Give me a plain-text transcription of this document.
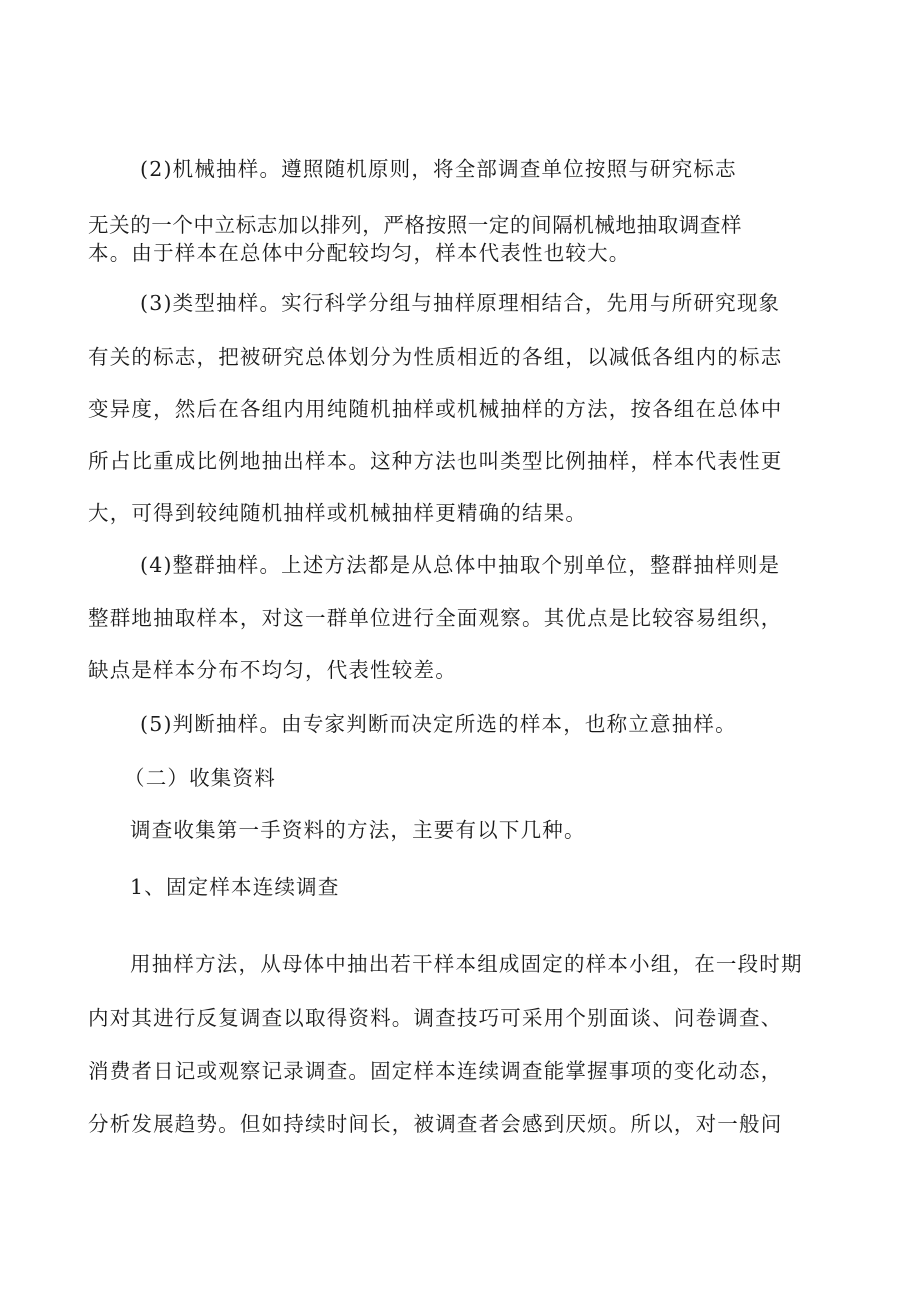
(2)机械抽样。遵照随机原则，将全部调查单位按照与研究标志

无关的一个中立标志加以排列，严格按照一定的间隔机械地抽取调查样

本。由于样本在总体中分配较均匀，样本代表性也较大。

(3)类型抽样。实行科学分组与抽样原理相结合，先用与所研究现象

有关的标志，把被研究总体划分为性质相近的各组，以减低各组内的标志

变异度，然后在各组内用纯随机抽样或机械抽样的方法，按各组在总体中

所占比重成比例地抽出样本。这种方法也叫类型比例抽样，样本代表性更

大，可得到较纯随机抽样或机械抽样更精确的结果。

(4)整群抽样。上述方法都是从总体中抽取个别单位，整群抽样则是

整群地抽取样本，对这一群单位进行全面观察。其优点是比较容易组织，

缺点是样本分布不均匀，代表性较差。

(5)判断抽样。由专家判断而决定所选的样本，也称立意抽样。

（二）收集资料

调查收集第一手资料的方法，主要有以下几种。

1、固定样本连续调查

用抽样方法，从母体中抽出若干样本组成固定的样本小组，在一段时期

内对其进行反复调查以取得资料。调查技巧可采用个别面谈、问卷调查、

消费者日记或观察记录调查。固定样本连续调查能掌握事项的变化动态，

分析发展趋势。但如持续时间长，被调查者会感到厌烦。所以，对一般问
